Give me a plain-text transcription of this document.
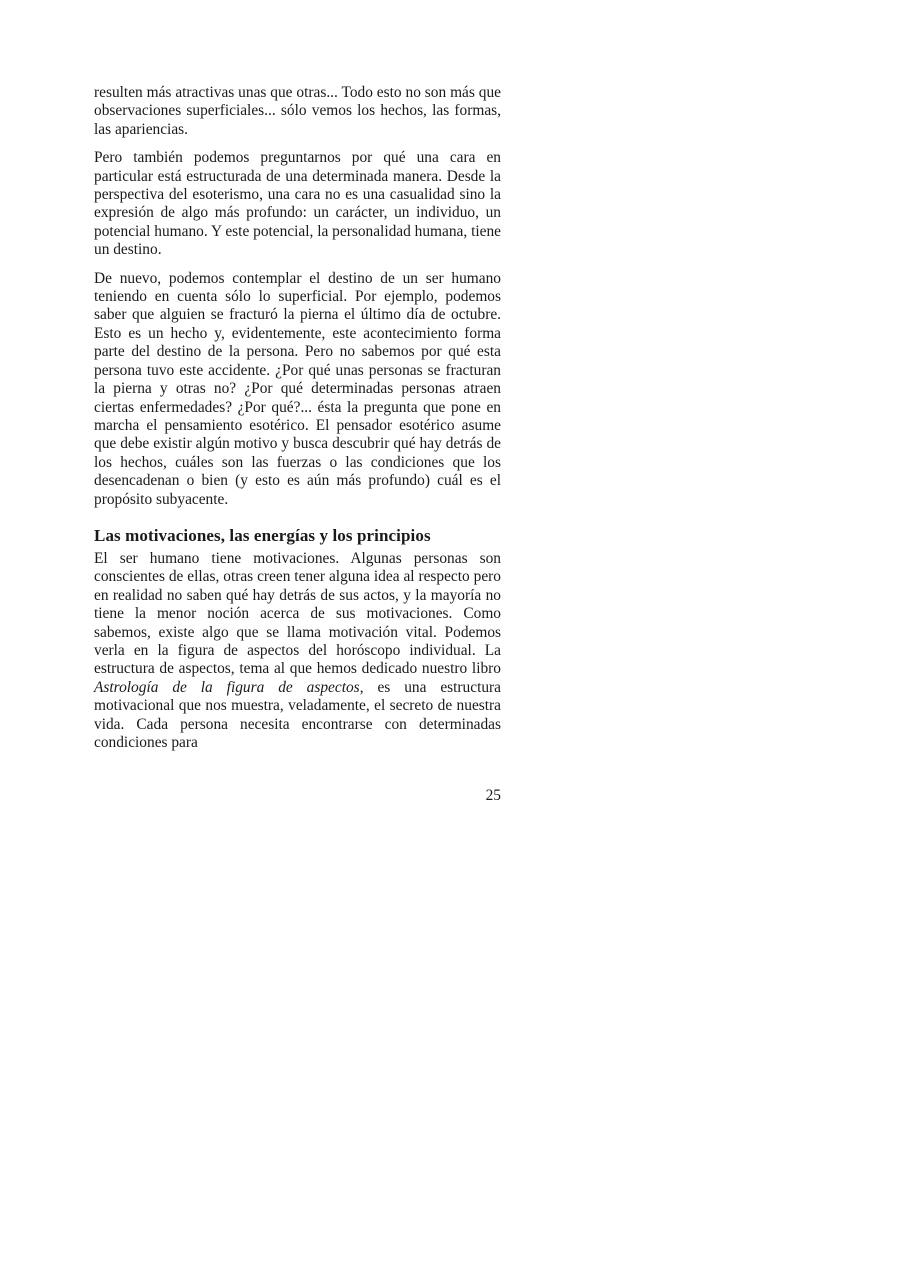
resulten más atractivas unas que otras... Todo esto no son más que observaciones superficiales... sólo vemos los hechos, las formas, las apariencias.

Pero también podemos preguntarnos por qué una cara en particular está estructurada de una determinada manera. Desde la perspectiva del esoterismo, una cara no es una casualidad sino la expresión de algo más profundo: un carácter, un individuo, un potencial humano. Y este potencial, la personalidad humana, tiene un destino.

De nuevo, podemos contemplar el destino de un ser humano teniendo en cuenta sólo lo superficial. Por ejemplo, podemos saber que alguien se fracturó la pierna el último día de octubre. Esto es un hecho y, evidentemente, este acontecimiento forma parte del destino de la persona. Pero no sabemos por qué esta persona tuvo este accidente. ¿Por qué unas personas se fracturan la pierna y otras no? ¿Por qué determinadas personas atraen ciertas enfermedades? ¿Por qué?... ésta la pregunta que pone en marcha el pensamiento esotérico. El pensador esotérico asume que debe existir algún motivo y busca descubrir qué hay detrás de los hechos, cuáles son las fuerzas o las condiciones que los desencadenan o bien (y esto es aún más profundo) cuál es el propósito subyacente.

Las motivaciones, las energías y los principios

El ser humano tiene motivaciones. Algunas personas son conscientes de ellas, otras creen tener alguna idea al respecto pero en realidad no saben qué hay detrás de sus actos, y la mayoría no tiene la menor noción acerca de sus motivaciones. Como sabemos, existe algo que se llama motivación vital. Podemos verla en la figura de aspectos del horóscopo individual. La estructura de aspectos, tema al que hemos dedicado nuestro libro Astrología de la figura de aspectos, es una estructura motivacional que nos muestra, veladamente, el secreto de nuestra vida. Cada persona necesita encontrarse con determinadas condiciones para

25
